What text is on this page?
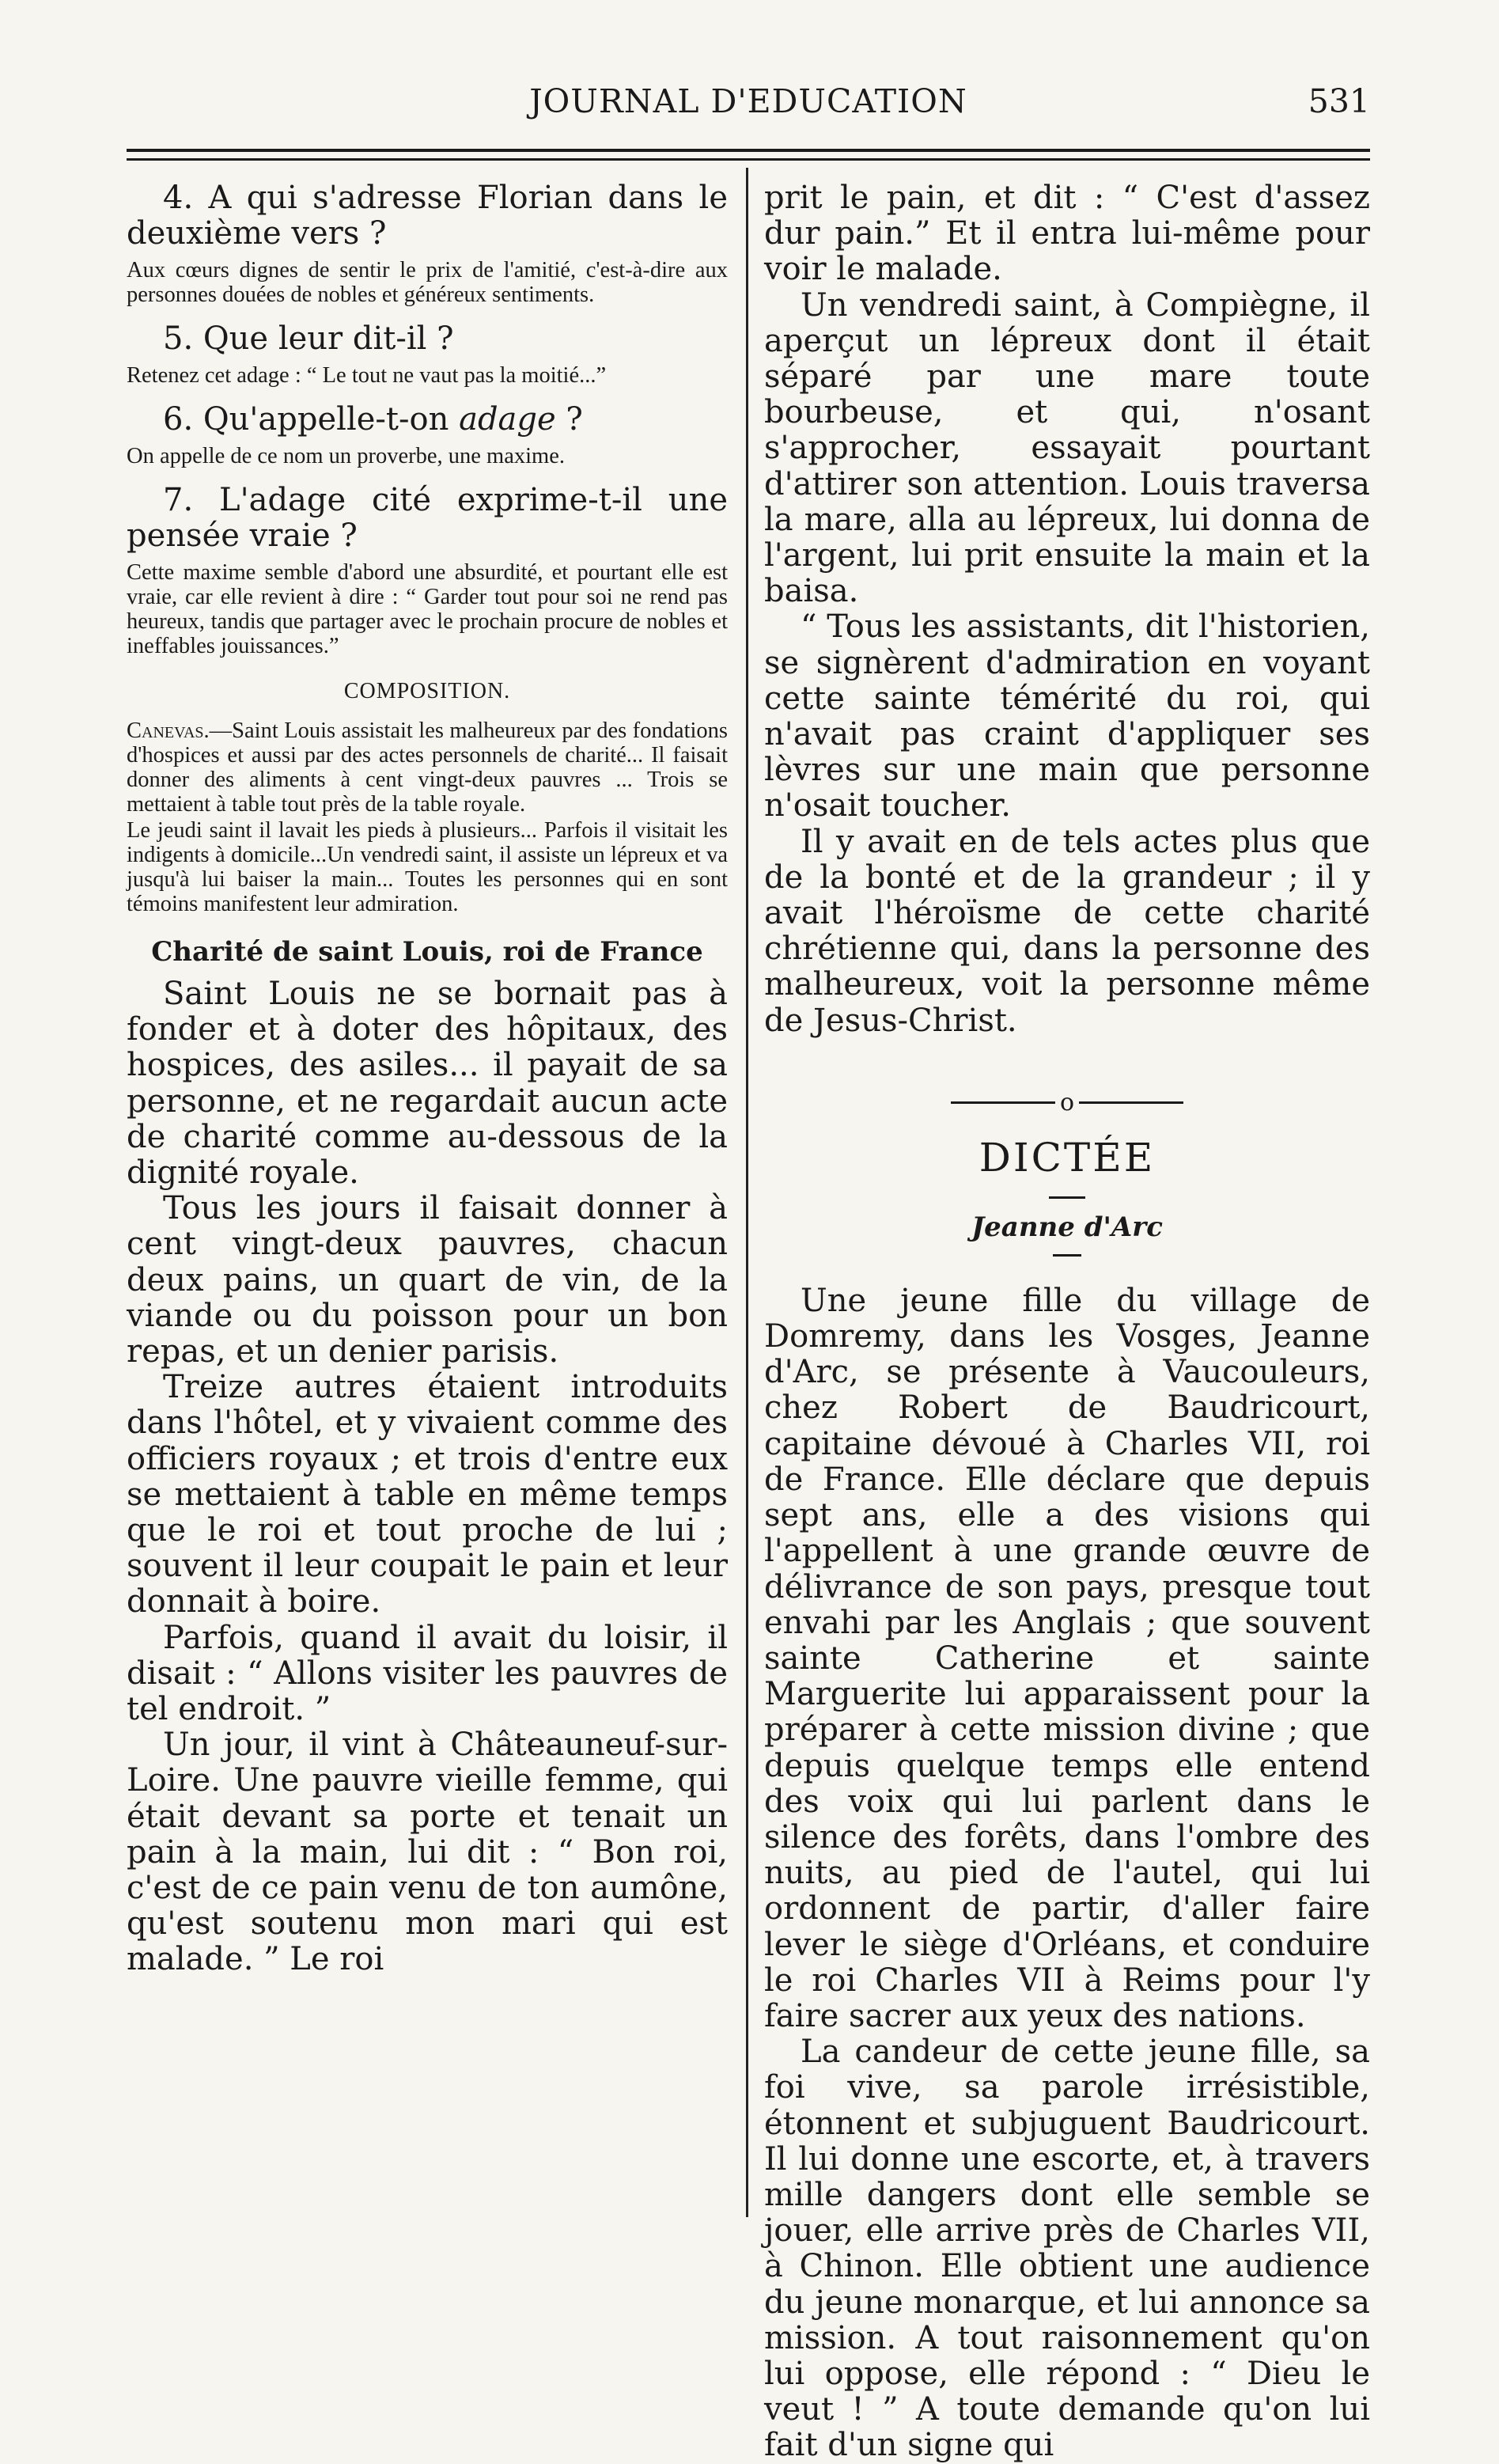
JOURNAL D'EDUCATION	531

4. A qui s'adresse Florian dans le deuxième vers ?

Aux cœurs dignes de sentir le prix de l'amitié, c'est-à-dire aux personnes douées de nobles et généreux sentiments.

5. Que leur dit-il ?

Retenez cet adage : “ Le tout ne vaut pas la moitié...”

6. Qu'appelle-t-on adage ?

On appelle de ce nom un proverbe, une maxime.

7. L'adage cité exprime-t-il une pensée vraie ?

Cette maxime semble d'abord une absurdité, et pourtant elle est vraie, car elle revient à dire : “ Garder tout pour soi ne rend pas heureux, tandis que partager avec le prochain procure de nobles et ineffables jouissances.”

COMPOSITION.

Canevas.—Saint Louis assistait les malheureux par des fondations d'hospices et aussi par des actes personnels de charité... Il faisait donner des aliments à cent vingt-deux pauvres ... Trois se mettaient à table tout près de la table royale.

Le jeudi saint il lavait les pieds à plusieurs... Parfois il visitait les indigents à domicile...Un vendredi saint, il assiste un lépreux et va jusqu'à lui baiser la main... Toutes les personnes qui en sont témoins manifestent leur admiration.

Charité de saint Louis, roi de France

Saint Louis ne se bornait pas à fonder et à doter des hôpitaux, des hospices, des asiles... il payait de sa personne, et ne regardait aucun acte de charité comme au-dessous de la dignité royale.

Tous les jours il faisait donner à cent vingt-deux pauvres, chacun deux pains, un quart de vin, de la viande ou du poisson pour un bon repas, et un denier parisis.

Treize autres étaient introduits dans l'hôtel, et y vivaient comme des officiers royaux ; et trois d'entre eux se mettaient à table en même temps que le roi et tout proche de lui ; souvent il leur coupait le pain et leur donnait à boire.

Parfois, quand il avait du loisir, il disait : “ Allons visiter les pauvres de tel endroit. ”

Un jour, il vint à Châteauneuf-sur-Loire. Une pauvre vieille femme, qui était devant sa porte et tenait un pain à la main, lui dit : “ Bon roi, c'est de ce pain venu de ton aumône, qu'est soutenu mon mari qui est malade. ” Le roi

prit le pain, et dit : “ C'est d'assez dur pain.” Et il entra lui-même pour voir le malade.

Un vendredi saint, à Compiègne, il aperçut un lépreux dont il était séparé par une mare toute bourbeuse, et qui, n'osant s'approcher, essayait pourtant d'attirer son attention. Louis traversa la mare, alla au lépreux, lui donna de l'argent, lui prit ensuite la main et la baisa.

“ Tous les assistants, dit l'historien, se signèrent d'admiration en voyant cette sainte témérité du roi, qui n'avait pas craint d'appliquer ses lèvres sur une main que personne n'osait toucher.

Il y avait en de tels actes plus que de la bonté et de la grandeur ; il y avait l'héroïsme de cette charité chrétienne qui, dans la personne des malheureux, voit la personne même de Jesus-Christ.

o
DICTÉE
Jeanne d'Arc

Une jeune fille du village de Domremy, dans les Vosges, Jeanne d'Arc, se présente à Vaucouleurs, chez Robert de Baudricourt, capitaine dévoué à Charles VII, roi de France. Elle déclare que depuis sept ans, elle a des visions qui l'appellent à une grande œuvre de délivrance de son pays, presque tout envahi par les Anglais ; que souvent sainte Catherine et sainte Marguerite lui apparaissent pour la préparer à cette mission divine ; que depuis quelque temps elle entend des voix qui lui parlent dans le silence des forêts, dans l'ombre des nuits, au pied de l'autel, qui lui ordonnent de partir, d'aller faire lever le siège d'Orléans, et conduire le roi Charles VII à Reims pour l'y faire sacrer aux yeux des nations.

La candeur de cette jeune fille, sa foi vive, sa parole irrésistible, étonnent et subjuguent Baudricourt. Il lui donne une escorte, et, à travers mille dangers dont elle semble se jouer, elle arrive près de Charles VII, à Chinon. Elle obtient une audience du jeune monarque, et lui annonce sa mission. A tout raisonnement qu'on lui oppose, elle répond : “ Dieu le veut ! ” A toute demande qu'on lui fait d'un signe qui
